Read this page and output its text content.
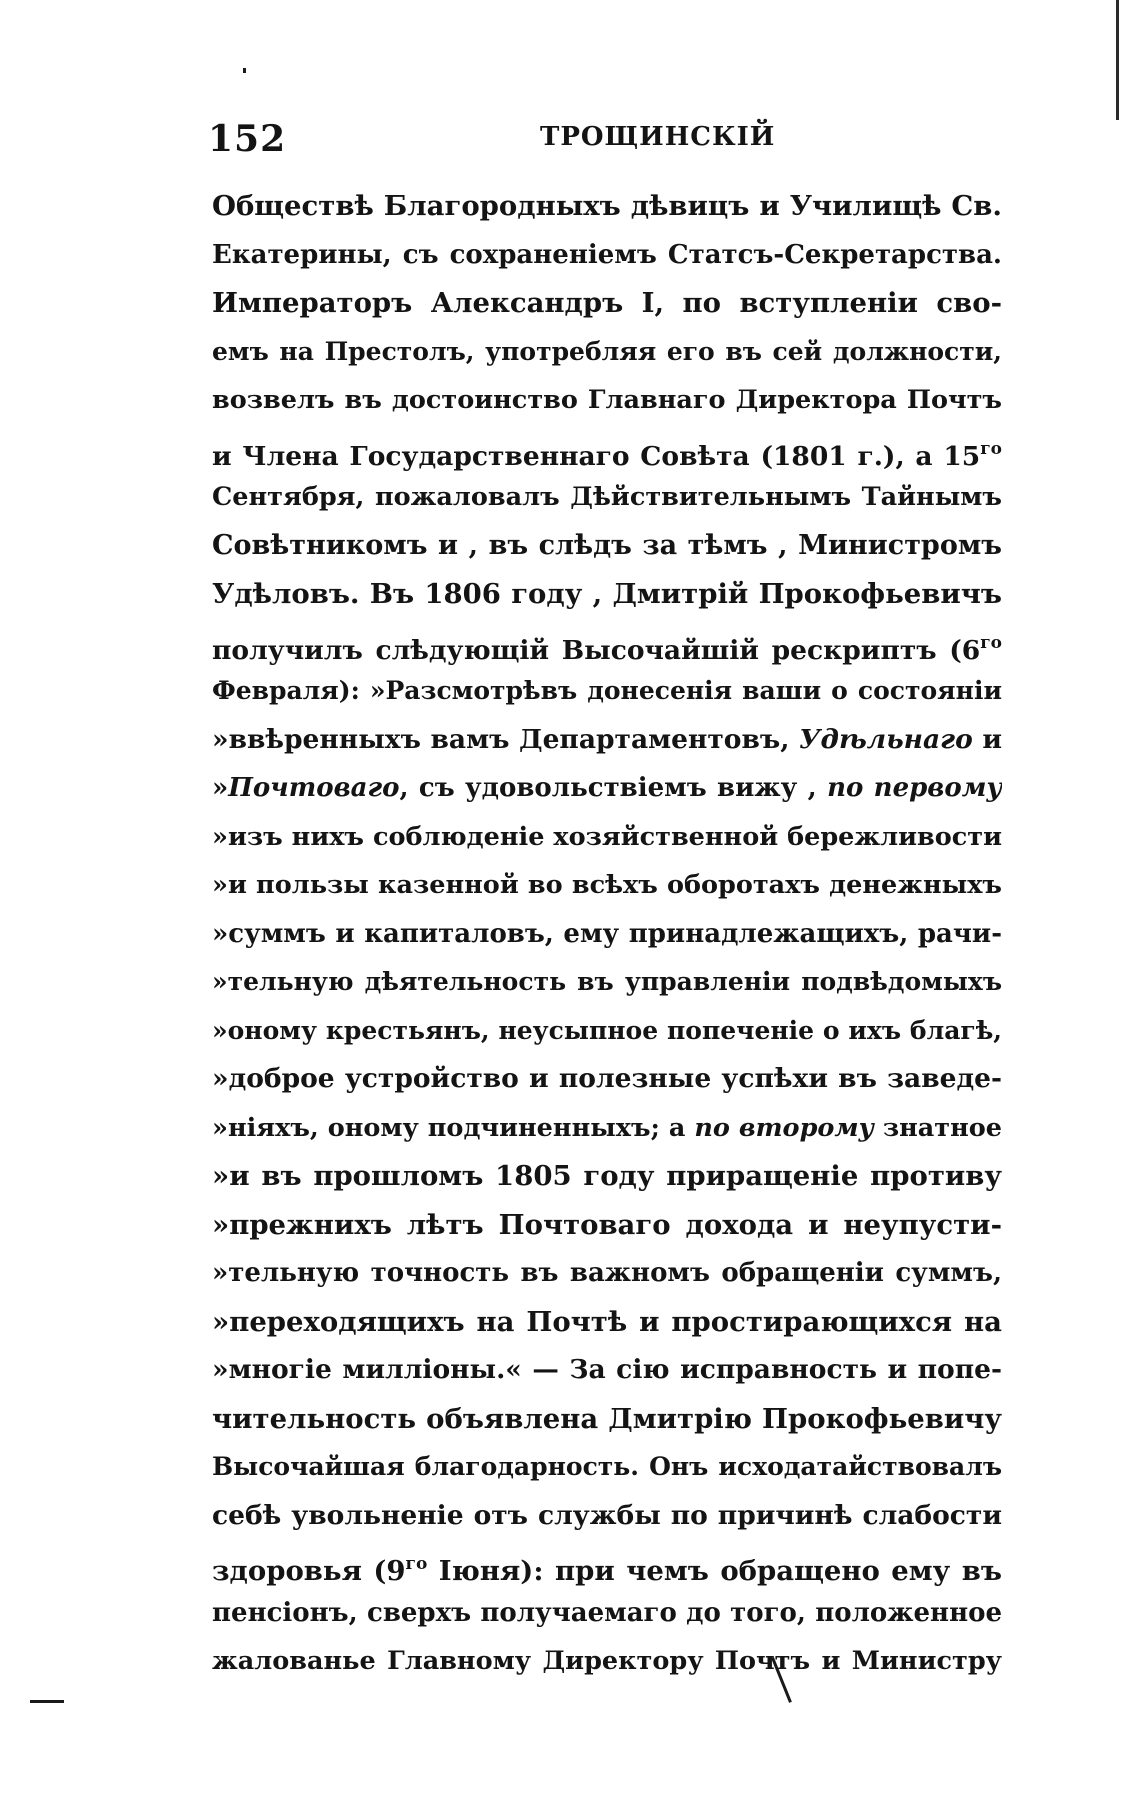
152	ТРОЩИНСКІЙ
Обществѣ Благородныхъ дѣвицъ и Училищѣ Св.
Екатерины, съ сохраненіемъ Статсъ-Секретарства.
Императоръ Александръ I, по вступленіи сво-
емъ на Престолъ, употребляя его въ сей должности,
возвелъ въ достоинство Главнаго Директора Почтъ
и Члена Государственнаго Совѣта (1801 г.), а $15^{го}$
Сентября, пожаловалъ Дѣйствительнымъ Тайнымъ
Совѣтникомъ и , въ слѣдъ за тѣмъ , Министромъ
Удѣловъ. Въ 1806 году , Дмитрій Прокофьевичъ
получилъ слѣдующій Высочайшій рескриптъ ($6^{го}$
Февраля): »Разсмотрѣвъ донесенія ваши о состояніи
»ввѣренныхъ вамъ Департаментовъ, Удѣльнаго и
»Почтоваго, съ удовольствіемъ вижу , по первому
»изъ нихъ соблюденіе хозяйственной бережливости
»и пользы казенной во всѣхъ оборотахъ денежныхъ
»суммъ и капиталовъ, ему принадлежащихъ, рачи-
»тельную дѣятельность въ управленіи подвѣдомыхъ
»оному крестьянъ, неусыпное попеченіе о ихъ благѣ,
»доброе устройство и полезные успѣхи въ заведе-
»ніяхъ, оному подчиненныхъ; а по второму знатное
»и въ прошломъ 1805 году приращеніе противу
»прежнихъ лѣтъ Почтоваго дохода и неупусти-
»тельную точность въ важномъ обращеніи суммъ,
»переходящихъ на Почтѣ и простирающихся на
»многіе милліоны.« — За сію исправность и попе-
чительность объявлена Дмитрію Прокофьевичу
Высочайшая благодарность. Онъ исходатайствовалъ
себѣ увольненіе отъ службы по причинѣ слабости
здоровья ($9^{го}$ Іюня): при чемъ обращено ему въ
пенсіонъ, сверхъ получаемаго до того, положенное
жалованье Главному Директору Почтъ и Министру
